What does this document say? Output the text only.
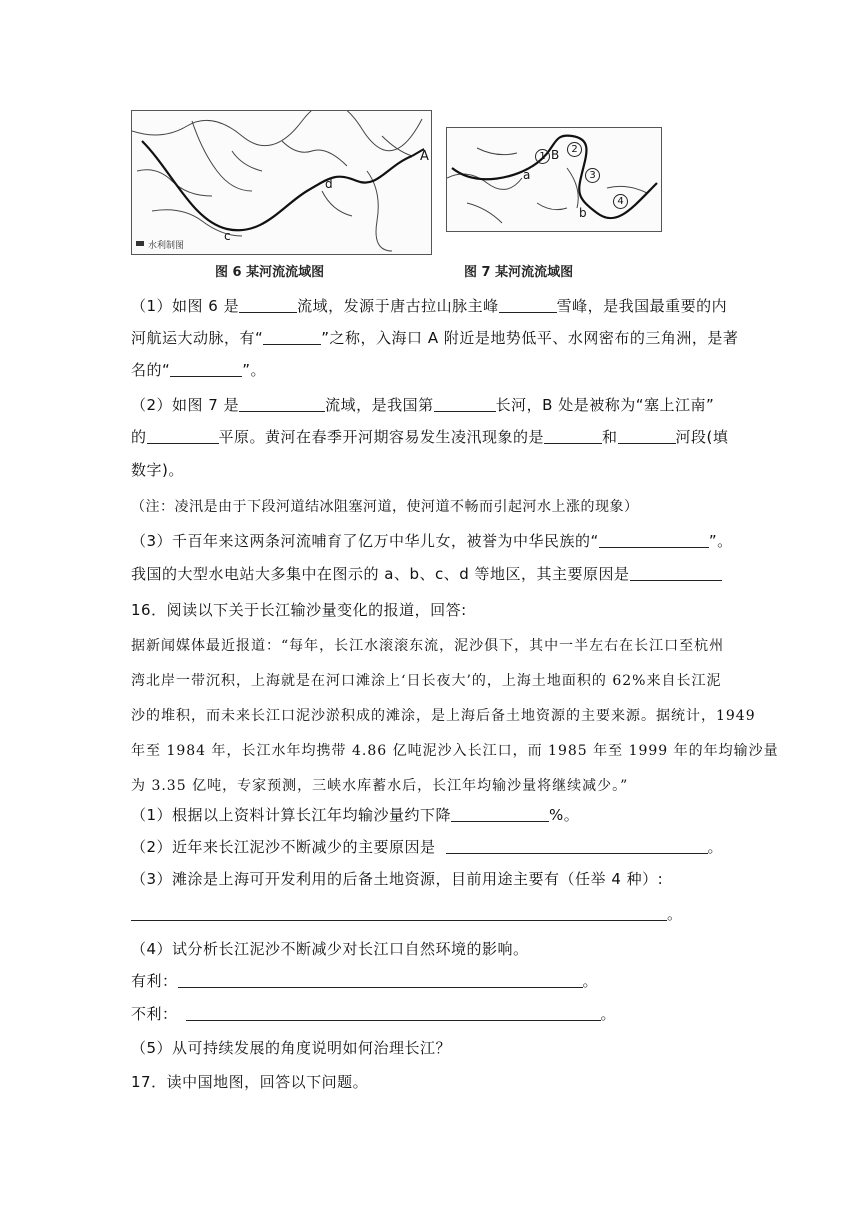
A
c
d
水利制图
图 6 某河流流域图
1
2
3
4
B
a
b
图 7 某河流流域图
（1）如图 6 是	流域，发源于唐古拉山脉主峰	雪峰，是我国最重要的内
河航运大动脉，有“	”之称，入海口 A 附近是地势低平、水网密布的三角洲，是著
名的“	”。
（2）如图 7 是	流域，是我国第	长河，B 处是被称为“塞上江南”
的	平原。黄河在春季开河期容易发生凌汛现象的是	和	河段(填
数字)。
（注：凌汛是由于下段河道结冰阻塞河道，使河道不畅而引起河水上涨的现象）
（3）千百年来这两条河流哺育了亿万中华儿女，被誉为中华民族的“	”。
我国的大型水电站大多集中在图示的 a、b、c、d 等地区，其主要原因是
16．阅读以下关于长江输沙量变化的报道，回答:
据新闻媒体最近报道：“每年，长江水滚滚东流，泥沙俱下，其中一半左右在长江口至杭州
湾北岸一带沉积，上海就是在河口滩涂上‘日长夜大’的，上海土地面积的 62%来自长江泥
沙的堆积，而未来长江口泥沙淤积成的滩涂，是上海后备土地资源的主要来源。据统计，1949
年至 1984 年，长江水年均携带 4.86 亿吨泥沙入长江口，而 1985 年至 1999 年的年均输沙量
为 3.35 亿吨，专家预测，三峡水库蓄水后，长江年均输沙量将继续减少。”
（1）根据以上资料计算长江年均输沙量约下降	%。
（2）近年来长江泥沙不断减少的主要原因是	。
（3）滩涂是上海可开发利用的后备土地资源，目前用途主要有（任举 4 种）:
。
（4）试分析长江泥沙不断减少对长江口自然环境的影响。
有利：	。
不利：	。
（5）从可持续发展的角度说明如何治理长江？
17．读中国地图，回答以下问题。
